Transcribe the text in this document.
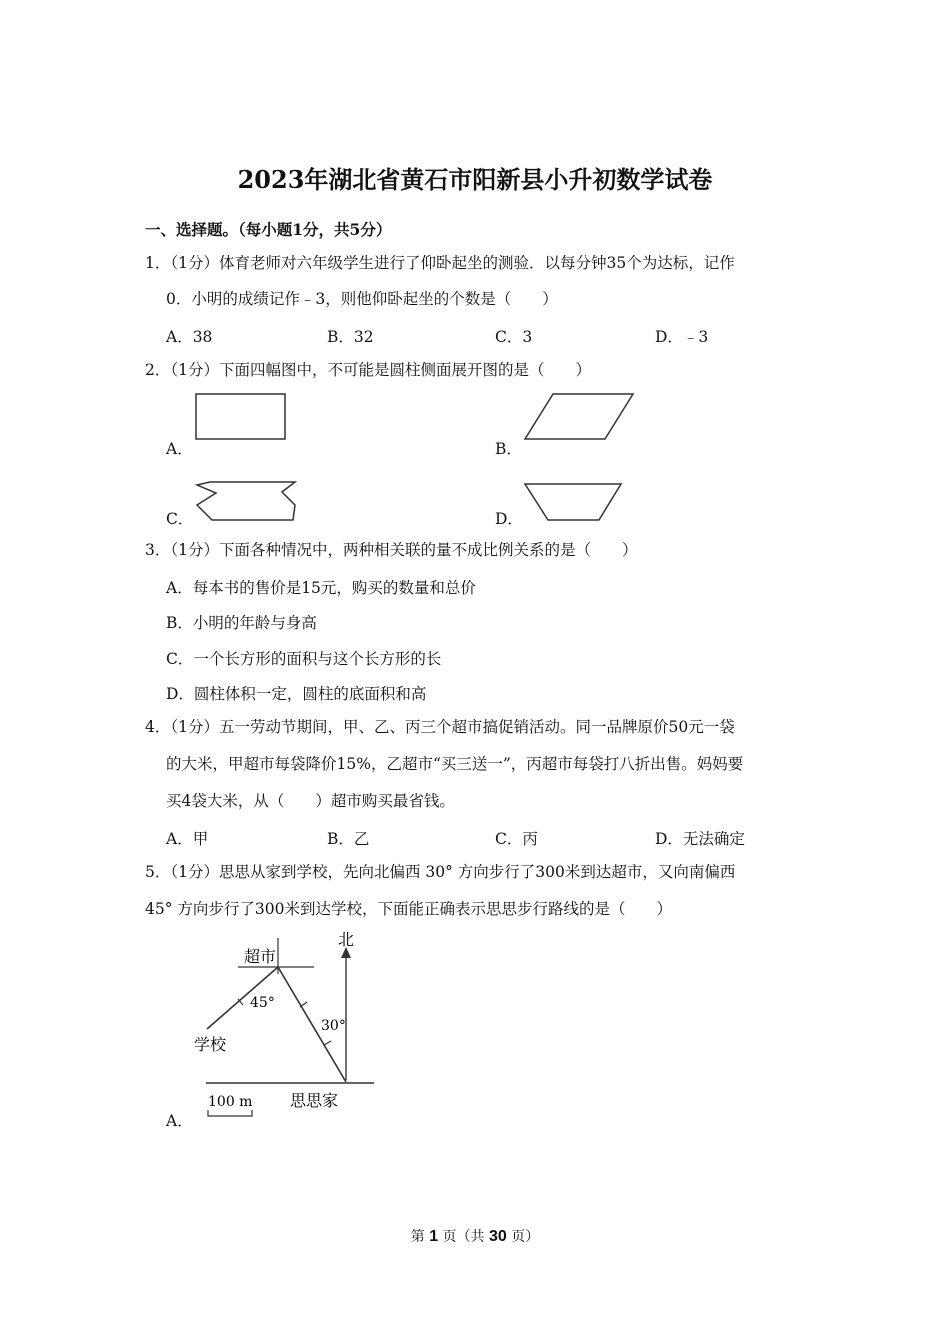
2023年湖北省黄石市阳新县小升初数学试卷
一、选择题。（每小题1分，共5分）
1．（1分）体育老师对六年级学生进行了仰卧起坐的测验．以每分钟35个为达标，记作
0．小明的成绩记作﹣3，则他仰卧起坐的个数是（　　）
A．38	B．32	C．3	D．﹣3
2．（1分）下面四幅图中，不可能是圆柱侧面展开图的是（　　）
A．	B．
C．	D．
3．（1分）下面各种情况中，两种相关联的量不成比例关系的是（　　）
A．每本书的售价是15元，购买的数量和总价
B．小明的年龄与身高
C．一个长方形的面积与这个长方形的长
D．圆柱体积一定，圆柱的底面积和高
4．（1分）五一劳动节期间，甲、乙、丙三个超市搞促销活动。同一品牌原价50元一袋
的大米，甲超市每袋降价15%，乙超市“买三送一”，丙超市每袋打八折出售。妈妈要
买4袋大米，从（　　）超市购买最省钱。
A．甲	B．乙	C．丙	D．无法确定
5．（1分）思思从家到学校，先向北偏西 30° 方向步行了300米到达超市，又向南偏西
45° 方向步行了300米到达学校，下面能正确表示思思步行路线的是（　　）
A．
北
超市
学校
45°
30°
思思家
100 m
第 1 页（共 30 页）
